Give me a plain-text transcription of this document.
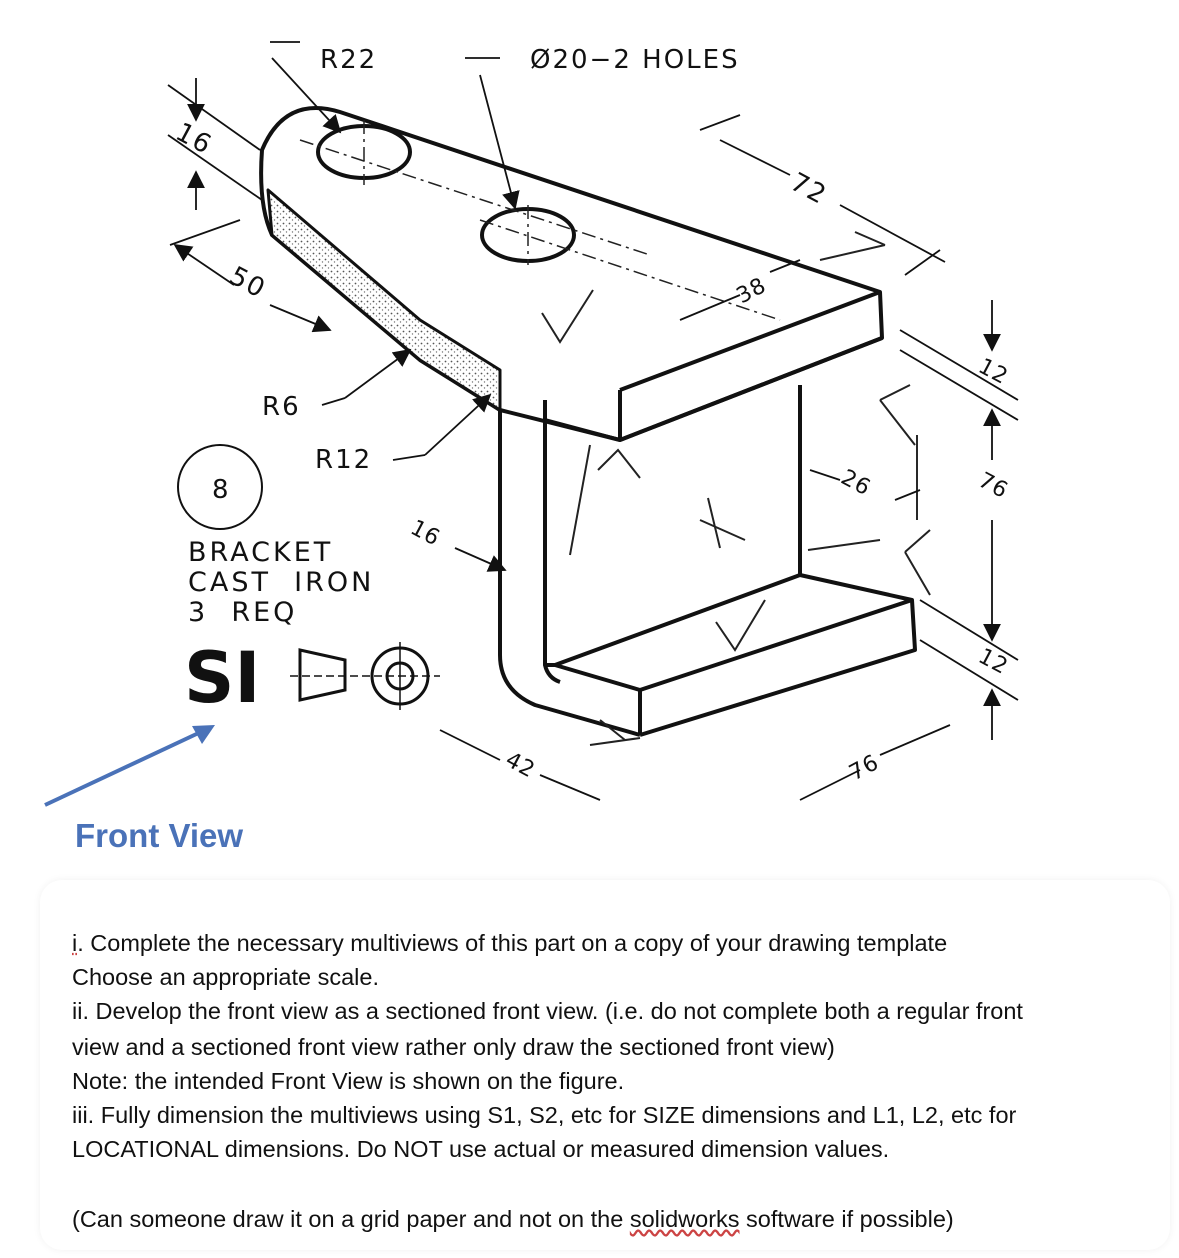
R22	Ø20−2 HOLES
16
50
72
38
12
76
12
26
16
42	76
R6
R12
8
SI
BRACKET
CAST  IRON
3  REQ
Front View

i. Complete the necessary multiviews of this part on a copy of your drawing template

Choose an appropriate scale.

ii. Develop the front view as a sectioned front view. (i.e. do not complete both a regular front

view and a sectioned front view rather only draw the sectioned front view)

Note: the intended Front View is shown on the figure.

iii. Fully dimension the multiviews using S1, S2, etc for SIZE dimensions and L1, L2, etc for

LOCATIONAL dimensions. Do NOT use actual or measured dimension values.

(Can someone draw it on a grid paper and not on the solidworks software if possible)
